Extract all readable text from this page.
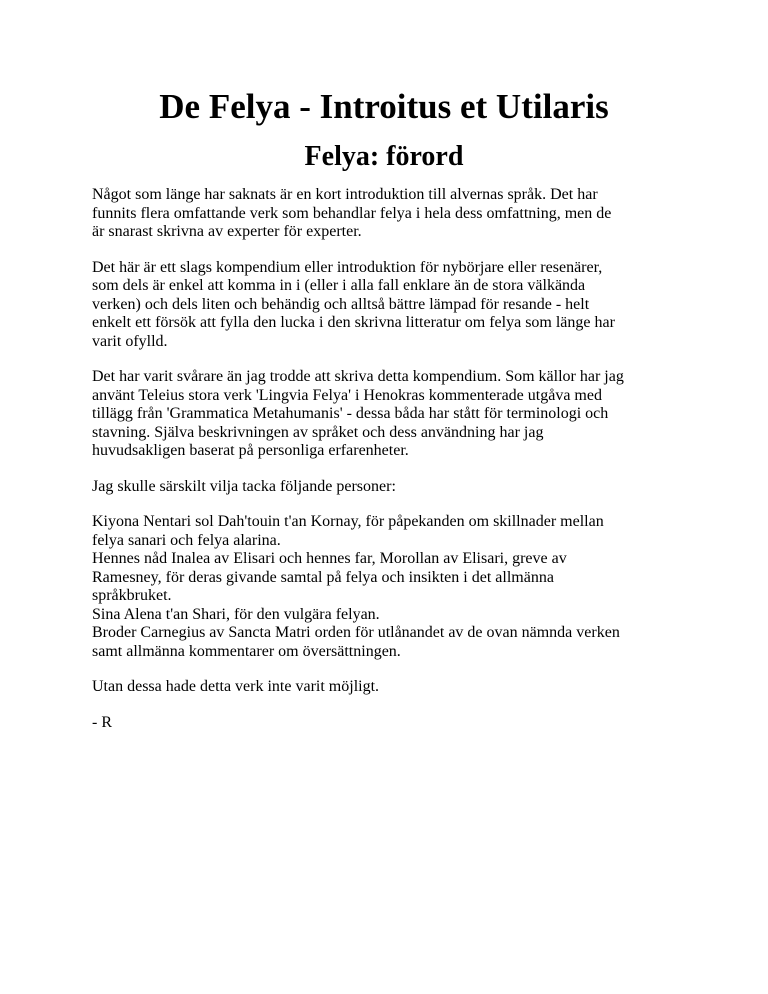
De Felya - Introitus et Utilaris
Felya: förord

Något som länge har saknats är en kort introduktion till alvernas språk. Det har
funnits flera omfattande verk som behandlar felya i hela dess omfattning, men de
är snarast skrivna av experter för experter.

Det här är ett slags kompendium eller introduktion för nybörjare eller resenärer,
som dels är enkel att komma in i (eller i alla fall enklare än de stora välkända
verken) och dels liten och behändig och alltså bättre lämpad för resande - helt
enkelt ett försök att fylla den lucka i den skrivna litteratur om felya som länge har
varit ofylld.

Det har varit svårare än jag trodde att skriva detta kompendium. Som källor har jag
använt Teleius stora verk 'Lingvia Felya' i Henokras kommenterade utgåva med
tillägg från 'Grammatica Metahumanis' - dessa båda har stått för terminologi och
stavning. Själva beskrivningen av språket och dess användning har jag
huvudsakligen baserat på personliga erfarenheter.

Jag skulle särskilt vilja tacka följande personer:

Kiyona Nentari sol Dah'touin t'an Kornay, för påpekanden om skillnader mellan
felya sanari och felya alarina.
Hennes nåd Inalea av Elisari och hennes far, Morollan av Elisari, greve av
Ramesney, för deras givande samtal på felya och insikten i det allmänna
språkbruket.
Sina Alena t'an Shari, för den vulgära felyan.
Broder Carnegius av Sancta Matri orden för utlånandet av de ovan nämnda verken
samt allmänna kommentarer om översättningen.

Utan dessa hade detta verk inte varit möjligt.

- R
